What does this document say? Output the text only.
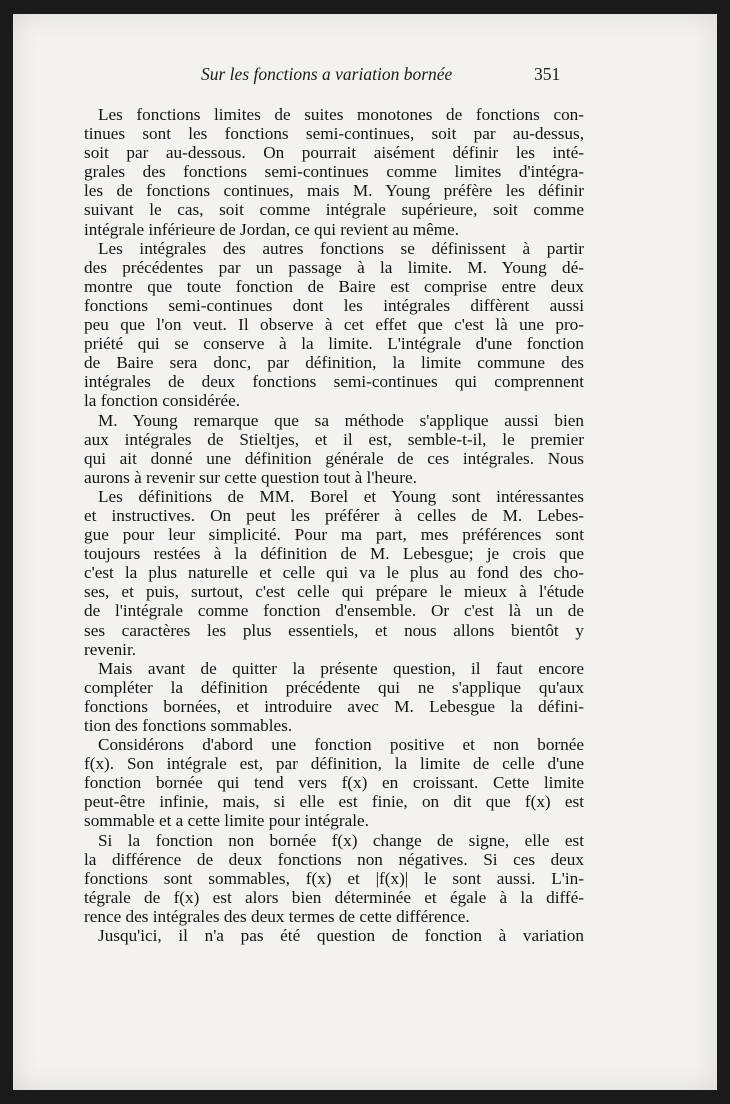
Sur les fonctions a variation bornée	351
Les fonctions limites de suites monotones de fonctions con-
tinues sont les fonctions semi-continues, soit par au-dessus,
soit par au-dessous. On pourrait aisément définir les inté-
grales des fonctions semi-continues comme limites d'intégra-
les de fonctions continues, mais M. Young préfère les définir
suivant le cas, soit comme intégrale supérieure, soit comme
intégrale inférieure de Jordan, ce qui revient au même.
Les intégrales des autres fonctions se définissent à partir
des précédentes par un passage à la limite. M. Young dé-
montre que toute fonction de Baire est comprise entre deux
fonctions semi-continues dont les intégrales diffèrent aussi
peu que l'on veut. Il observe à cet effet que c'est là une pro-
priété qui se conserve à la limite. L'intégrale d'une fonction
de Baire sera donc, par définition, la limite commune des
intégrales de deux fonctions semi-continues qui comprennent
la fonction considérée.
M. Young remarque que sa méthode s'applique aussi bien
aux intégrales de Stieltjes, et il est, semble-t-il, le premier
qui ait donné une définition générale de ces intégrales. Nous
aurons à revenir sur cette question tout à l'heure.
Les définitions de MM. Borel et Young sont intéressantes
et instructives. On peut les préférer à celles de M. Lebes-
gue pour leur simplicité. Pour ma part, mes préférences sont
toujours restées à la définition de M. Lebesgue; je crois que
c'est la plus naturelle et celle qui va le plus au fond des cho-
ses, et puis, surtout, c'est celle qui prépare le mieux à l'étude
de l'intégrale comme fonction d'ensemble. Or c'est là un de
ses caractères les plus essentiels, et nous allons bientôt y
revenir.
Mais avant de quitter la présente question, il faut encore
compléter la définition précédente qui ne s'applique qu'aux
fonctions bornées, et introduire avec M. Lebesgue la défini-
tion des fonctions sommables.
Considérons d'abord une fonction positive et non bornée
f(x). Son intégrale est, par définition, la limite de celle d'une
fonction bornée qui tend vers f(x) en croissant. Cette limite
peut-être infinie, mais, si elle est finie, on dit que f(x) est
sommable et a cette limite pour intégrale.
Si la fonction non bornée f(x) change de signe, elle est
la différence de deux fonctions non négatives. Si ces deux
fonctions sont sommables, f(x) et |f(x)| le sont aussi. L'in-
tégrale de f(x) est alors bien déterminée et égale à la diffé-
rence des intégrales des deux termes de cette différence.
Jusqu'ici, il n'a pas été question de fonction à variation
